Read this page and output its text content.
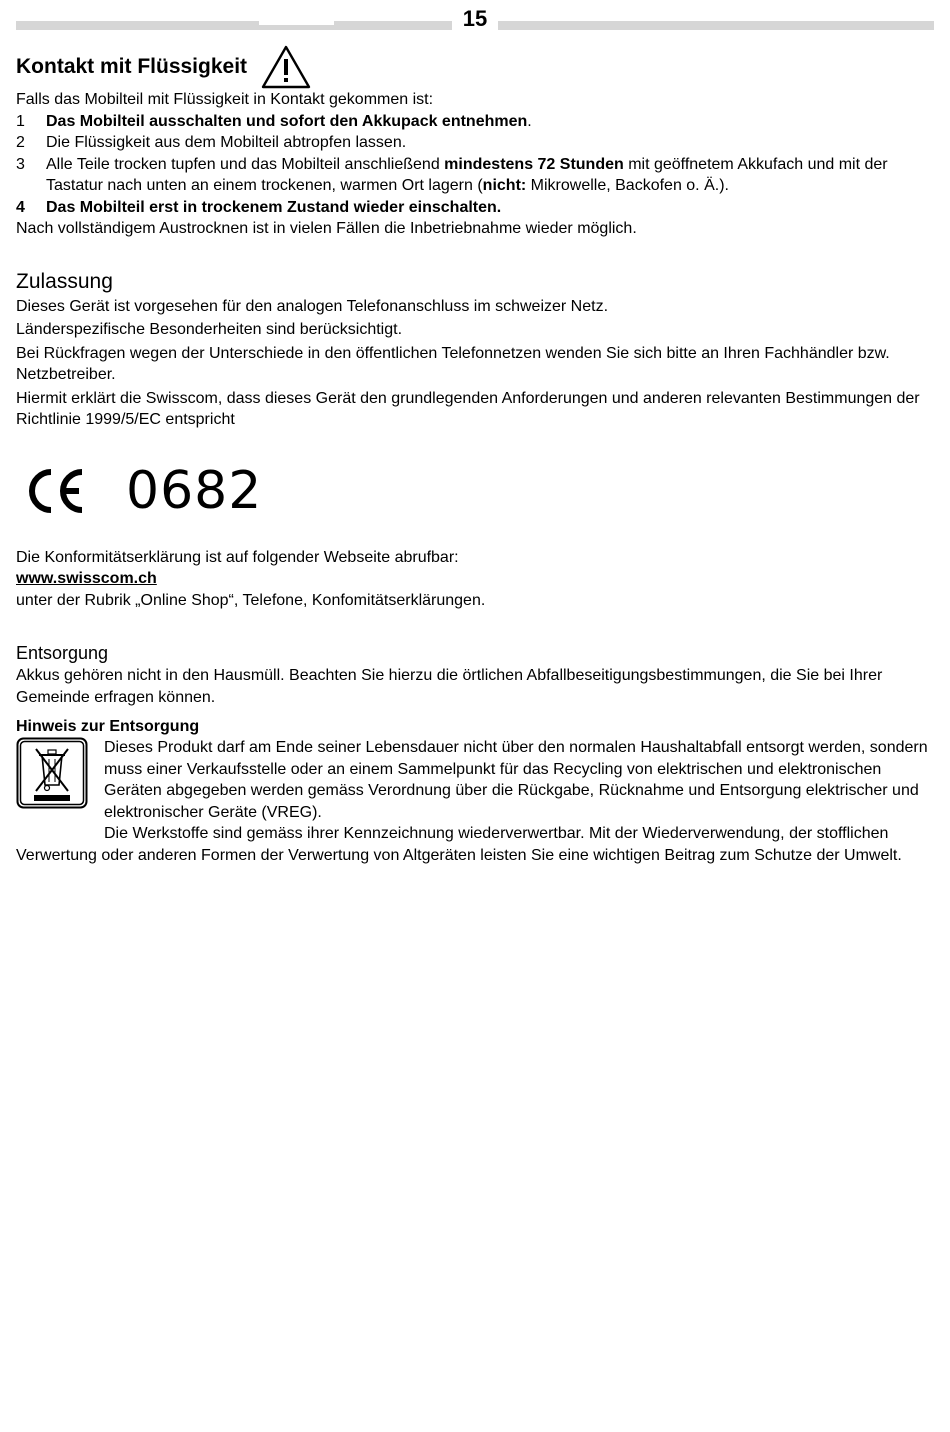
15
Kontakt mit Flüssigkeit

Falls das Mobilteil mit Flüssigkeit in Kontakt gekommen ist:

1	Das Mobilteil ausschalten und sofort den Akkupack entnehmen.
2	Die Flüssigkeit aus dem Mobilteil abtropfen lassen.
3	Alle Teile trocken tupfen und das Mobilteil anschließend mindestens 72 Stunden mit geöffnetem Akkufach und mit der Tastatur nach unten an einem trockenen, warmen Ort lagern (nicht: Mikrowelle, Backofen o. Ä.).
4	Das Mobilteil erst in trockenem Zustand wieder einschalten.

Nach vollständigem Austrocknen ist in vielen Fällen die Inbetriebnahme wieder möglich.

Zulassung

Dieses Gerät ist vorgesehen für den analogen Telefonanschluss im schweizer Netz.

Länderspezifische Besonderheiten sind berücksichtigt.

Bei Rückfragen wegen der Unterschiede in den öffentlichen Telefonnetzen wenden Sie sich bitte an Ihren Fachhändler bzw. Netzbetreiber.

Hiermit erklärt die Swisscom, dass dieses Gerät den grundlegenden Anforderungen und anderen relevanten Bestimmungen der Richtlinie 1999/5/EC entspricht

0682

Die Konformitätserklärung ist auf folgender Webseite abrufbar:

www.swisscom.ch

unter der Rubrik „Online Shop“, Telefone, Konfomitätserklärungen.

Entsorgung

Akkus gehören nicht in den Hausmüll. Beachten Sie hierzu die örtlichen Abfallbeseitigungsbestimmungen, die Sie bei Ihrer Gemeinde erfragen können.

Hinweis zur Entsorgung

Dieses Produkt darf am Ende seiner Lebensdauer nicht über den normalen Haushaltabfall entsorgt werden, sondern muss einer Verkaufsstelle oder an einem Sammelpunkt für das Recycling von elektrischen und elektronischen Geräten abgegeben werden gemäss Verordnung über die Rückgabe, Rücknahme und Entsorgung elektrischer und elektronischer Geräte (VREG).

Die Werkstoffe sind gemäss ihrer Kennzeichnung wiederverwertbar. Mit der Wiederverwendung, der stofflichen Verwertung oder anderen Formen der Verwertung von Altgeräten leisten Sie eine wichtigen Beitrag zum Schutze der Umwelt.
